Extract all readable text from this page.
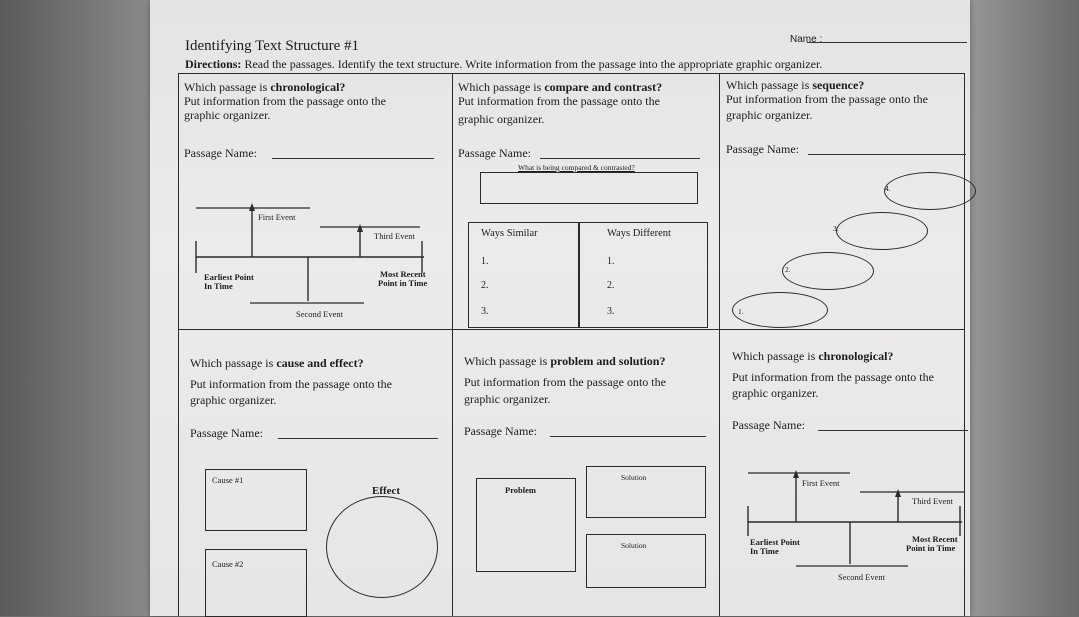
Identifying Text Structure #1	Name :
Directions: Read the passages. Identify the text structure. Write information from the passage into the appropriate graphic organizer.
Which passage is chronological?
Put information from the passage onto the
graphic organizer.
Passage Name:
First Event
Third Event
Earliest Point
In Time
Most Recent
Point in Time
Second Event
Which passage is compare and contrast?
Put information from the passage onto the
graphic organizer.
Passage Name:
What is being compared & contrasted?
Ways Similar
1.
2.
3.
Ways Different
1.
2.
3.
Which passage is sequence?
Put information from the passage onto the
graphic organizer.
Passage Name:
4.
3.
2.
1.
Which passage is cause and effect?
Put information from the passage onto the
graphic organizer.
Passage Name:
Cause #1
Cause #2
Effect
Which passage is problem and solution?
Put information from the passage onto the
graphic organizer.
Passage Name:
Problem
Solution
Solution
Which passage is chronological?
Put information from the passage onto the
graphic organizer.
Passage Name:
First Event
Third Event
Earliest Point
In Time
Most Recent
Point in Time
Second Event
